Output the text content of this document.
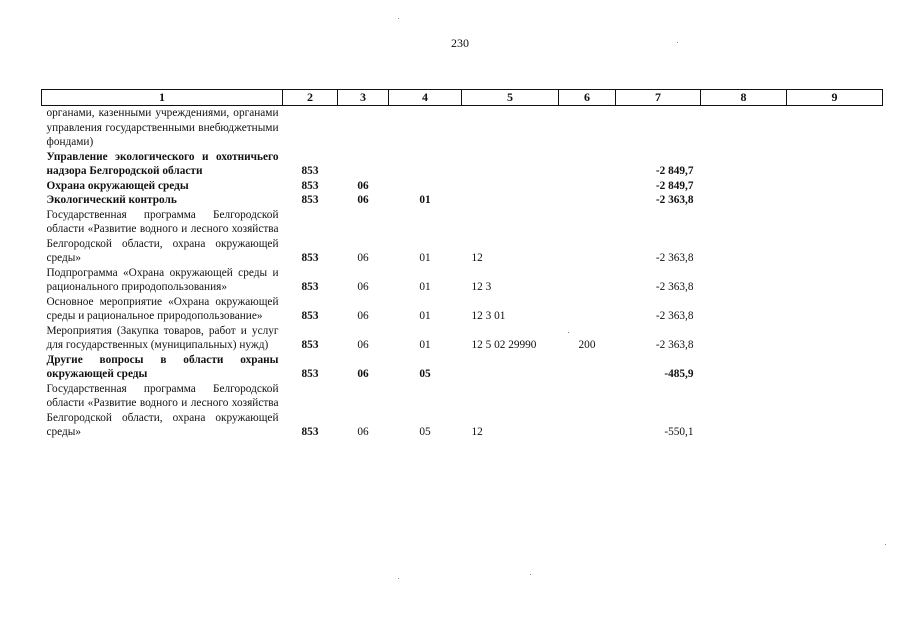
230
1	2	3	4	5	6	7	8	9
органами, казенными учреждениями, органами управления государственными внебюджетными фондами)								
Управление экологического и охотничьего надзора Белгородской области	853					-2 849,7		
Охрана окружающей среды	853	06				-2 849,7		
Экологический контроль	853	06	01			-2 363,8		
Государственная программа Белгородской области «Развитие водного и лесного хозяйства Белгородской области, охрана окружающей среды»	853	06	01	12		-2 363,8		
Подпрограмма «Охрана окружающей среды и рационального природопользования»	853	06	01	12 3		-2 363,8		
Основное мероприятие «Охрана окружающей среды и рациональное природопользование»	853	06	01	12 3 01		-2 363,8		
Мероприятия (Закупка товаров, работ и услуг для государственных (муниципальных) нужд)	853	06	01	12 5 02 29990	200	-2 363,8		
Другие вопросы в области охраны окружающей среды	853	06	05			-485,9		
Государственная программа Белгородской области «Развитие водного и лесного хозяйства Белгородской области, охрана окружающей среды»	853	06	05	12		-550,1		
